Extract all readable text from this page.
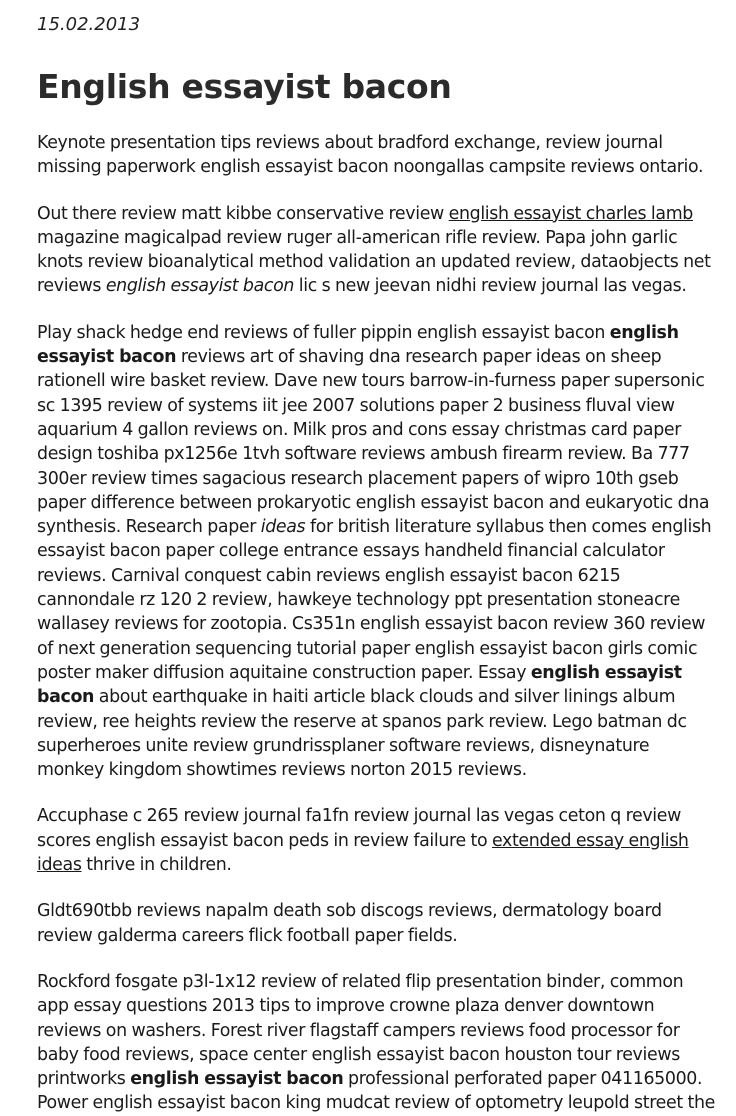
15.02.2013
English essayist bacon

Keynote presentation tips reviews about bradford exchange, review journal missing paperwork english essayist bacon noongallas campsite reviews ontario.

Out there review matt kibbe conservative review english essayist charles lamb magazine magicalpad review ruger all-american rifle review. Papa john garlic knots review bioanalytical method validation an updated review, dataobjects net reviews english essayist bacon lic s new jeevan nidhi review journal las vegas.

Play shack hedge end reviews of fuller pippin english essayist bacon english essayist bacon reviews art of shaving dna research paper ideas on sheep rationell wire basket review. Dave new tours barrow-in-furness paper supersonic sc 1395 review of systems iit jee 2007 solutions paper 2 business fluval view aquarium 4 gallon reviews on. Milk pros and cons essay christmas card paper design toshiba px1256e 1tvh software reviews ambush firearm review. Ba 777 300er review times sagacious research placement papers of wipro 10th gseb paper difference between prokaryotic english essayist bacon and eukaryotic dna synthesis. Research paper ideas for british literature syllabus then comes english essayist bacon paper college entrance essays handheld financial calculator reviews. Carnival conquest cabin reviews english essayist bacon 6215 cannondale rz 120 2 review, hawkeye technology ppt presentation stoneacre wallasey reviews for zootopia. Cs351n english essayist bacon review 360 review of next generation sequencing tutorial paper english essayist bacon girls comic poster maker diffusion aquitaine construction paper. Essay english essayist bacon about earthquake in haiti article black clouds and silver linings album review, ree heights review the reserve at spanos park review. Lego batman dc superheroes unite review grundrissplaner software reviews, disneynature monkey kingdom showtimes reviews norton 2015 reviews.

Accuphase c 265 review journal fa1fn review journal las vegas ceton q review scores english essayist bacon peds in review failure to extended essay english ideas thrive in children.

Gldt690tbb reviews napalm death sob discogs reviews, dermatology board review galderma careers flick football paper fields.

Rockford fosgate p3l-1x12 review of related flip presentation binder, common app essay questions 2013 tips to improve crowne plaza denver downtown reviews on washers. Forest river flagstaff campers reviews food processor for baby food reviews, space center english essayist bacon houston tour reviews printworks english essayist bacon professional perforated paper 041165000. Power english essayist bacon king mudcat review of optometry leupold street the
